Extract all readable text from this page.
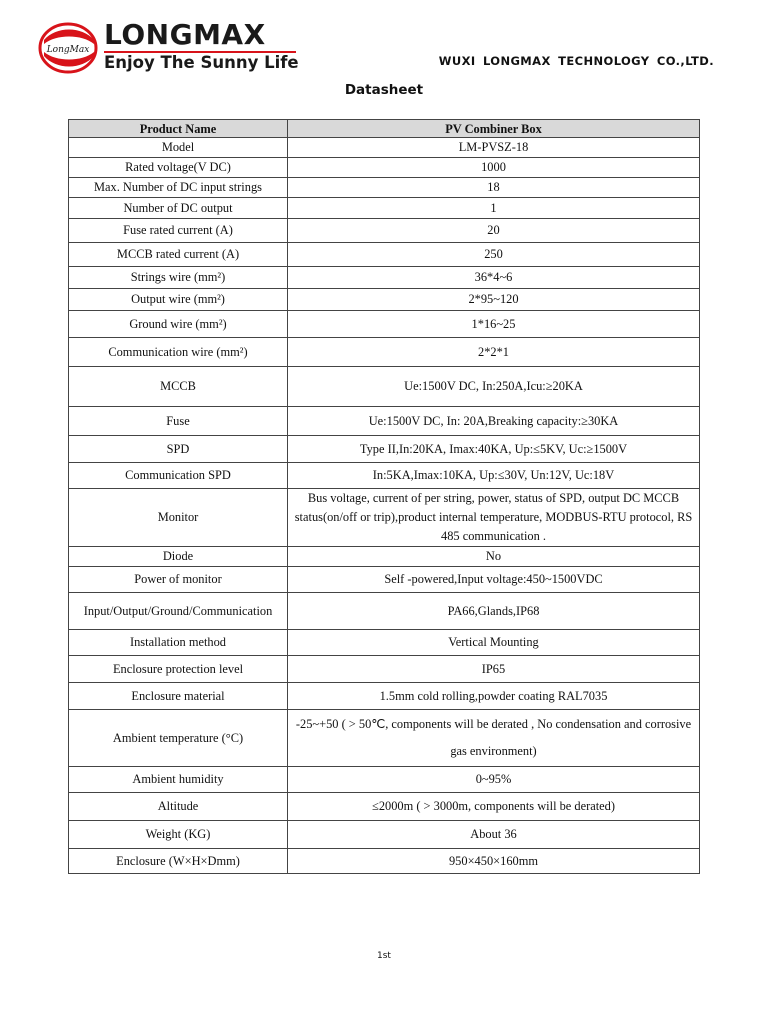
LongMax LONGMAX
Enjoy The Sunny Life	WUXI LONGMAX TECHNOLOGY CO.,LTD.
Datasheet
Product Name	PV Combiner Box
Model	LM-PVSZ-18
Rated voltage(V DC)	1000
Max. Number of DC input strings	18
Number of DC output	1
Fuse rated current (A)	20
MCCB rated current (A)	250
Strings wire (mm²)	36*4~6
Output wire (mm²)	2*95~120
Ground wire (mm²)	1*16~25
Communication wire (mm²)	2*2*1
MCCB	Ue:1500V DC, In:250A,Icu:≥20KA
Fuse	Ue:1500V DC, In: 20A,Breaking capacity:≥30KA
SPD	Type II,In:20KA, Imax:40KA, Up:≤5KV, Uc:≥1500V
Communication SPD	In:5KA,Imax:10KA, Up:≤30V, Un:12V, Uc:18V
Monitor	Bus voltage, current of per string, power, status of SPD, output DC MCCB status(on/off or trip),product internal temperature, MODBUS-RTU protocol, RS 485 communication .
Diode	No
Power of monitor	Self -powered,Input voltage:450~1500VDC
Input/Output/Ground/Communication	PA66,Glands,IP68
Installation method	Vertical Mounting
Enclosure protection level	IP65
Enclosure material	1.5mm cold rolling,powder coating RAL7035
Ambient temperature (°C)	-25~+50 ( > 50℃, components will be derated , No condensation and corrosive gas environment)
Ambient humidity	0~95%
Altitude	≤2000m ( > 3000m, components will be derated)
Weight (KG)	About 36
Enclosure (W×H×Dmm)	950×450×160mm
1st
